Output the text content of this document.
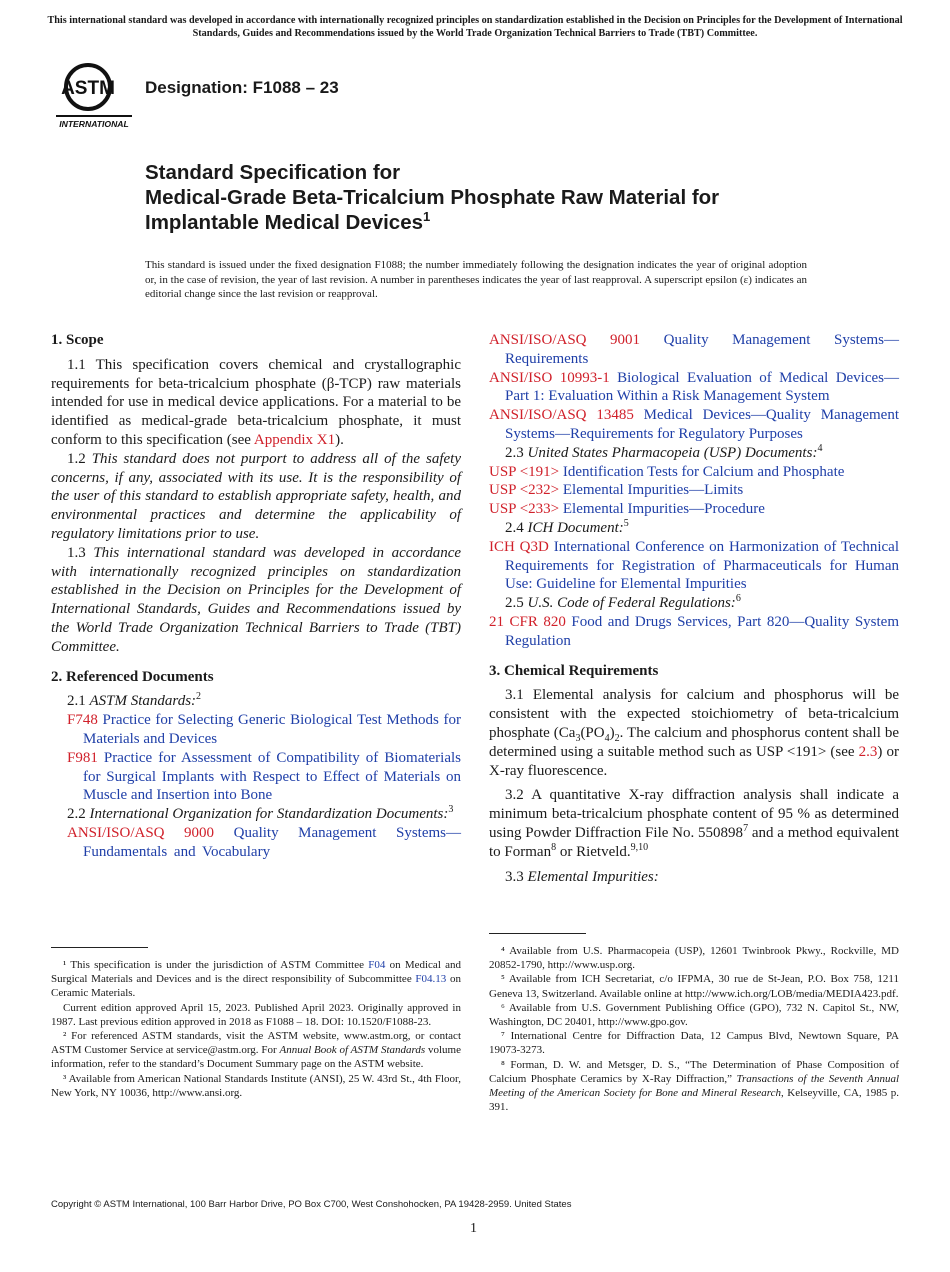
This international standard was developed in accordance with internationally recognized principles on standardization established in the Decision on Principles for the Development of International Standards, Guides and Recommendations issued by the World Trade Organization Technical Barriers to Trade (TBT) Committee.
ASTM
INTERNATIONAL
Designation: F1088 – 23
Standard Specification for
Medical-Grade Beta-Tricalcium Phosphate Raw Material for
Implantable Medical Devices$^1$
This standard is issued under the fixed designation F1088; the number immediately following the designation indicates the year of original adoption or, in the case of revision, the year of last revision. A number in parentheses indicates the year of last reapproval. A superscript epsilon (ε) indicates an editorial change since the last revision or reapproval.

1. Scope

1.1 This specification covers chemical and crystallographic requirements for beta-tricalcium phosphate (β-TCP) raw materials intended for use in medical device applications. For a material to be identified as medical-grade beta-tricalcium phosphate, it must conform to this specification (see Appendix X1).

1.2 This standard does not purport to address all of the safety concerns, if any, associated with its use. It is the responsibility of the user of this standard to establish appropriate safety, health, and environmental practices and determine the applicability of regulatory limitations prior to use.

1.3 This international standard was developed in accordance with internationally recognized principles on standardization established in the Decision on Principles for the Development of International Standards, Guides and Recommendations issued by the World Trade Organization Technical Barriers to Trade (TBT) Committee.

2. Referenced Documents

2.1 ASTM Standards:$^2$

F748 Practice for Selecting Generic Biological Test Methods for Materials and Devices

F981 Practice for Assessment of Compatibility of Biomaterials for Surgical Implants with Respect to Effect of Materials on Muscle and Insertion into Bone

2.2 International Organization for Standardization Documents:$^3$

ANSI/ISO/ASQ 9000 Quality Management Systems—Fundamentals and Vocabulary

ANSI/ISO/ASQ 9001 Quality Management Systems—Requirements

ANSI/ISO 10993-1 Biological Evaluation of Medical Devices—Part 1: Evaluation Within a Risk Management System

ANSI/ISO/ASQ 13485 Medical Devices—Quality Management Systems—Requirements for Regulatory Purposes

2.3 United States Pharmacopeia (USP) Documents:$^4$

USP <191> Identification Tests for Calcium and Phosphate

USP <232> Elemental Impurities—Limits

USP <233> Elemental Impurities—Procedure

2.4 ICH Document:$^5$

ICH Q3D International Conference on Harmonization of Technical Requirements for Registration of Pharmaceuticals for Human Use: Guideline for Elemental Impurities

2.5 U.S. Code of Federal Regulations:$^6$

21 CFR 820 Food and Drugs Services, Part 820—Quality System Regulation

3. Chemical Requirements

3.1 Elemental analysis for calcium and phosphorus will be consistent with the expected stoichiometry of beta-tricalcium phosphate ($Ca_3(PO_4)_2$. The calcium and phosphorus content shall be determined using a suitable method such as USP <191> (see 2.3) or X-ray fluorescence.

3.2 A quantitative X-ray diffraction analysis shall indicate a minimum beta-tricalcium phosphate content of 95 % as determined using Powder Diffraction File No. 550898$^7$ and a method equivalent to Forman$^8$ or Rietveld.$^{9,10}$

3.3 Elemental Impurities:

¹ This specification is under the jurisdiction of ASTM Committee F04 on Medical and Surgical Materials and Devices and is the direct responsibility of Subcommittee F04.13 on Ceramic Materials.

Current edition approved April 15, 2023. Published April 2023. Originally approved in 1987. Last previous edition approved in 2018 as F1088 – 18. DOI: 10.1520/F1088-23.

² For referenced ASTM standards, visit the ASTM website, www.astm.org, or contact ASTM Customer Service at service@astm.org. For Annual Book of ASTM Standards volume information, refer to the standard’s Document Summary page on the ASTM website.

³ Available from American National Standards Institute (ANSI), 25 W. 43rd St., 4th Floor, New York, NY 10036, http://www.ansi.org.

⁴ Available from U.S. Pharmacopeia (USP), 12601 Twinbrook Pkwy., Rockville, MD 20852-1790, http://www.usp.org.

⁵ Available from ICH Secretariat, c/o IFPMA, 30 rue de St-Jean, P.O. Box 758, 1211 Geneva 13, Switzerland. Available online at http://www.ich.org/LOB/media/MEDIA423.pdf.

⁶ Available from U.S. Government Publishing Office (GPO), 732 N. Capitol St., NW, Washington, DC 20401, http://www.gpo.gov.

⁷ International Centre for Diffraction Data, 12 Campus Blvd, Newtown Square, PA 19073-3273.

⁸ Forman, D. W. and Metsger, D. S., “The Determination of Phase Composition of Calcium Phosphate Ceramics by X-Ray Diffraction,” Transactions of the Seventh Annual Meeting of the American Society for Bone and Mineral Research, Kelseyville, CA, 1985 p. 391.

Copyright © ASTM International, 100 Barr Harbor Drive, PO Box C700, West Conshohocken, PA 19428-2959. United States
1
